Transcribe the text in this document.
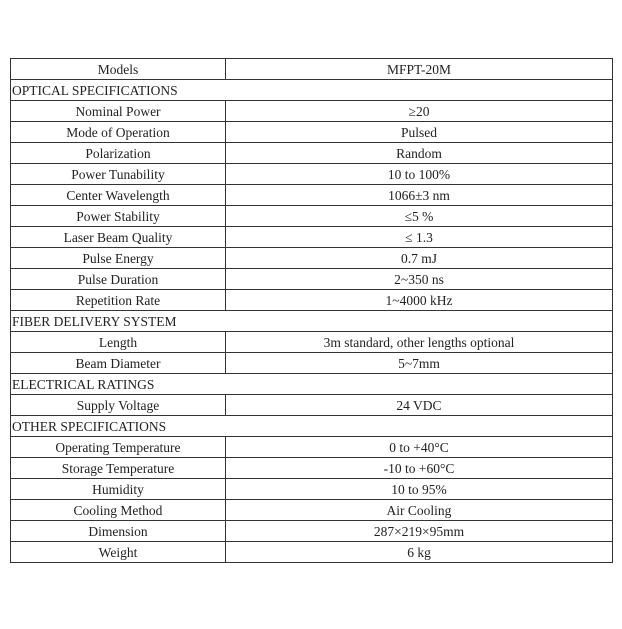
Models	MFPT-20M
OPTICAL SPECIFICATIONS	
Nominal Power	≥20
Mode of Operation	Pulsed
Polarization	Random
Power Tunability	10 to 100%
Center Wavelength	1066±3 nm
Power Stability	≤5 %
Laser Beam Quality	≤ 1.3
Pulse Energy	0.7 mJ
Pulse Duration	2~350 ns
Repetition Rate	1~4000 kHz
FIBER DELIVERY SYSTEM	
Length	3m standard, other lengths optional
Beam Diameter	5~7mm
ELECTRICAL RATINGS	
Supply Voltage	24 VDC
OTHER SPECIFICATIONS	
Operating Temperature	0 to +40°C
Storage Temperature	-10 to +60°C
Humidity	10 to 95%
Cooling Method	Air Cooling
Dimension	287×219×95mm
Weight	6 kg
